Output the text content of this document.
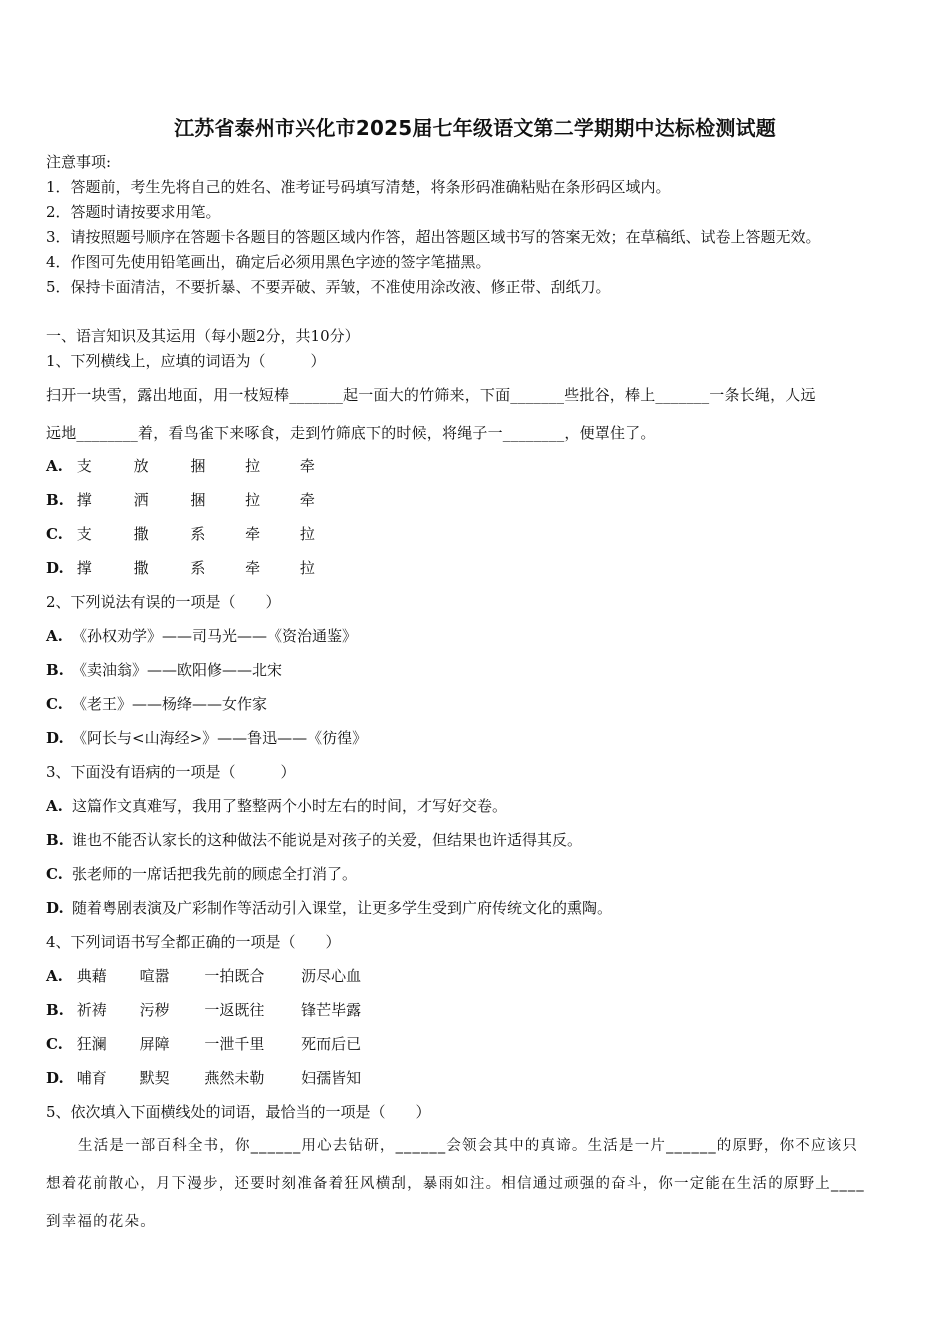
江苏省泰州市兴化市2025届七年级语文第二学期期中达标检测试题
注意事项:
1．答题前，考生先将自己的姓名、准考证号码填写清楚，将条形码准确粘贴在条形码区域内。
2．答题时请按要求用笔。
3．请按照题号顺序在答题卡各题目的答题区域内作答，超出答题区域书写的答案无效；在草稿纸、试卷上答题无效。
4．作图可先使用铅笔画出，确定后必须用黑色字迹的签字笔描黑。
5．保持卡面清洁，不要折暴、不要弄破、弄皱，不准使用涂改液、修正带、刮纸刀。
一、语言知识及其运用（每小题2分，共10分）
1、下列横线上，应填的词语为（　　　）
扫开一块雪，露出地面，用一枝短棒_______起一面大的竹筛来，下面_______些批谷，棒上_______一条长绳，人远
远地________着，看鸟雀下来啄食，走到竹筛底下的时候，将绳子一________，便罩住了。
A. 支	放	捆	拉	牵
B. 撑	洒	捆	拉	牵
C. 支	撒	系	牵	拉
D. 撑	撒	系	牵	拉
2、下列说法有误的一项是（　　）
A. 《孙权劝学》——司马光——《资治通鉴》
B. 《卖油翁》——欧阳修——北宋
C. 《老王》——杨绛——女作家
D. 《阿长与<山海经>》——鲁迅——《彷徨》
3、下面没有语病的一项是（　　　）
A. 这篇作文真难写，我用了整整两个小时左右的时间，才写好交卷。
B. 谁也不能否认家长的这种做法不能说是对孩子的关爱，但结果也许适得其反。
C. 张老师的一席话把我先前的顾虑全打消了。
D. 随着粤剧表演及广彩制作等活动引入课堂，让更多学生受到广府传统文化的熏陶。
4、下列词语书写全都正确的一项是（　　）
A. 典藉 喧嚣 一拍既合 沥尽心血
B. 祈祷 污秽 一返既往 锋芒毕露
C. 狂澜 屏障 一泄千里 死而后已
D. 哺育 默契 燕然未勒 妇孺皆知
5、依次填入下面横线处的词语，最恰当的一项是（　　）
生活是一部百科全书，你______用心去钻研，______会领会其中的真谛。生活是一片______的原野，你不应该只
想着花前散心，月下漫步，还要时刻准备着狂风横刮，暴雨如注。相信通过顽强的奋斗，你一定能在生活的原野上____
到幸福的花朵。
